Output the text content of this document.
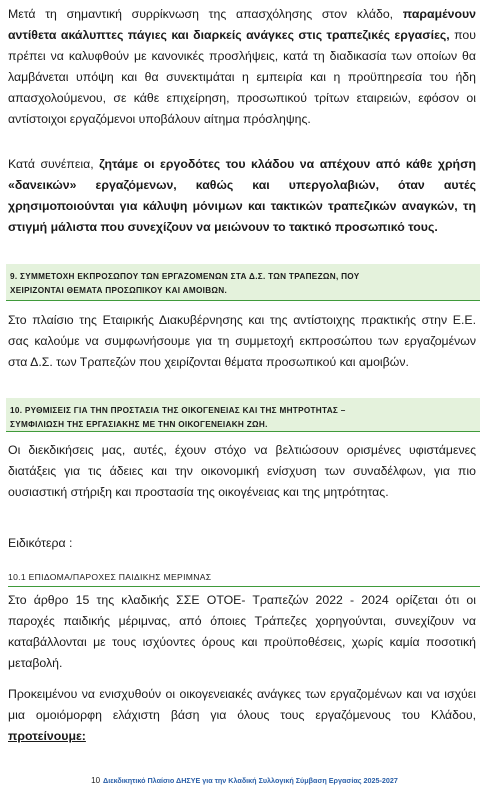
Μετά τη σημαντική συρρίκνωση της απασχόλησης στον κλάδο, παραμένουν αντίθετα ακάλυπτες πάγιες και διαρκείς ανάγκες στις τραπεζικές εργασίες, που πρέπει να καλυφθούν με κανονικές προσλήψεις, κατά τη διαδικασία των οποίων θα λαμβάνεται υπόψη και θα συνεκτιμάται η εμπειρία και η προϋπηρεσία του ήδη απασχολούμενου, σε κάθε επιχείρηση, προσωπικού τρίτων εταιρειών, εφόσον οι αντίστοιχοι εργαζόμενοι υποβάλουν αίτημα πρόσληψης.

Κατά συνέπεια, ζητάμε οι εργοδότες του κλάδου να απέχουν από κάθε χρήση «δανεικών» εργαζόμενων, καθώς και υπεργολαβιών, όταν αυτές χρησιμοποιούνται για κάλυψη μόνιμων και τακτικών τραπεζικών αναγκών, τη στιγμή μάλιστα που συνεχίζουν να μειώνουν το τακτικό προσωπικό τους.

9. ΣΥΜΜΕΤΟΧΗ ΕΚΠΡΟΣΩΠΟΥ ΤΩΝ ΕΡΓΑΖΟΜΕΝΩΝ ΣΤΑ Δ.Σ. ΤΩΝ ΤΡΑΠΕΖΩΝ, ΠΟΥ
ΧΕΙΡΙΖΟΝΤΑΙ ΘΕΜΑΤΑ ΠΡΟΣΩΠΙΚΟΥ ΚΑΙ ΑΜΟΙΒΩΝ.

Στο πλαίσιο της Εταιρικής Διακυβέρνησης και της αντίστοιχης πρακτικής στην Ε.Ε. σας καλούμε να συμφωνήσουμε για τη συμμετοχή εκπροσώπου των εργαζομένων στα Δ.Σ. των Τραπεζών που χειρίζονται θέματα προσωπικού και αμοιβών.

10. ΡΥΘΜΙΣΕΙΣ ΓΙΑ ΤΗΝ ΠΡΟΣΤΑΣΙΑ ΤΗΣ ΟΙΚΟΓΕΝΕΙΑΣ ΚΑΙ ΤΗΣ ΜΗΤΡΟΤΗΤΑΣ –
ΣΥΜΦΙΛΙΩΣΗ ΤΗΣ ΕΡΓΑΣΙΑΚΗΣ ΜΕ ΤΗΝ ΟΙΚΟΓΕΝΕΙΑΚΗ ΖΩΗ.

Οι διεκδικήσεις μας, αυτές, έχουν στόχο να βελτιώσουν ορισμένες υφιστάμενες διατάξεις για τις άδειες και την οικονομική ενίσχυση των συναδέλφων, για πιο ουσιαστική στήριξη και προστασία της οικογένειας και της μητρότητας.

Ειδικότερα :

10.1 ΕΠΙΔΟΜΑ/ΠΑΡΟΧΕΣ ΠΑΙΔΙΚΗΣ ΜΕΡΙΜΝΑΣ

Στο άρθρο 15 της κλαδικής ΣΣΕ ΟΤΟΕ- Τραπεζών 2022 - 2024 ορίζεται ότι οι παροχές παιδικής μέριμνας, από όποιες Τράπεζες χορηγούνται, συνεχίζουν να καταβάλλονται με τους ισχύοντες όρους και προϋποθέσεις, χωρίς καμία ποσοτική μεταβολή.

Προκειμένου να ενισχυθούν οι οικογενειακές ανάγκες των εργαζομένων και να ισχύει μια ομοιόμορφη ελάχιστη βάση για όλους τους εργαζόμενους του Κλάδου, προτείνουμε:

10 Διεκδικητικό Πλαίσιο ΔΗΣΥΕ για την Κλαδική Συλλογική Σύμβαση Εργασίας 2025-2027
